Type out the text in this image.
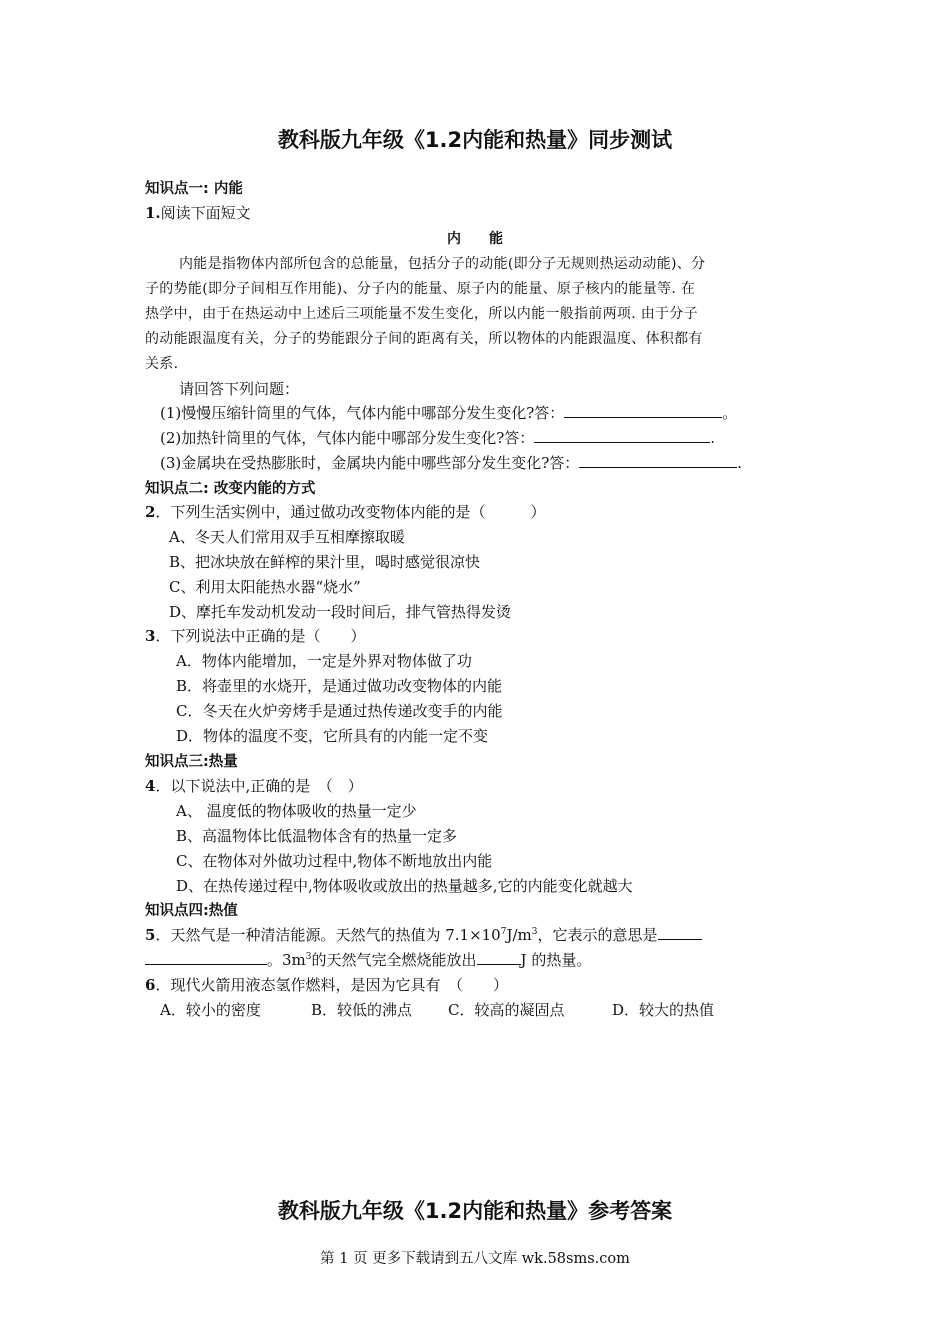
教科版九年级《1.2内能和热量》同步测试
知识点一: 内能
1.阅读下面短文
内　　能
内能是指物体内部所包含的总能量，包括分子的动能(即分子无规则热运动动能)、分
子的势能(即分子间相互作用能)、分子内的能量、原子内的能量、原子核内的能量等. 在
热学中，由于在热运动中上述后三项能量不发生变化，所以内能一般指前两项. 由于分子
的动能跟温度有关，分子的势能跟分子间的距离有关，所以物体的内能跟温度、体积都有
关系.
请回答下列问题：
(1)慢慢压缩针筒里的气体，气体内能中哪部分发生变化?答：	。
(2)加热针筒里的气体，气体内能中哪部分发生变化?答：	.
(3)金属块在受热膨胀时，金属块内能中哪些部分发生变化?答：	.
知识点二: 改变内能的方式
2．下列生活实例中，通过做功改变物体内能的是（　　　）
A、冬天人们常用双手互相摩擦取暖
B、把冰块放在鲜榨的果汁里，喝时感觉很凉快
C、利用太阳能热水器“烧水”
D、摩托车发动机发动一段时间后，排气管热得发烫
3．下列说法中正确的是（　　）
A．物体内能增加，一定是外界对物体做了功
B．将壶里的水烧开，是通过做功改变物体的内能
C．冬天在火炉旁烤手是通过热传递改变手的内能
D．物体的温度不变，它所具有的内能一定不变
知识点三:热量
4．以下说法中,正确的是　（　）
A、 温度低的物体吸收的热量一定少
B、高温物体比低温物体含有的热量一定多
C、在物体对外做功过程中,物体不断地放出内能
D、在热传递过程中,物体吸收或放出的热量越多,它的内能变化就越大
知识点四:热值
5．天然气是一种清洁能源。天然气的热值为 $7.1\times 10^7J/m^3$，它表示的意思是
。$3m^3$的天然气完全燃烧能放出	J 的热量。
6．现代火箭用液态氢作燃料，是因为它具有　（　　）
A．较小的密度	B．较低的沸点 C．较高的凝固点	D．较大的热值
教科版九年级《1.2内能和热量》参考答案
第 1 页 更多下载请到五八文库 wk.58sms.com
